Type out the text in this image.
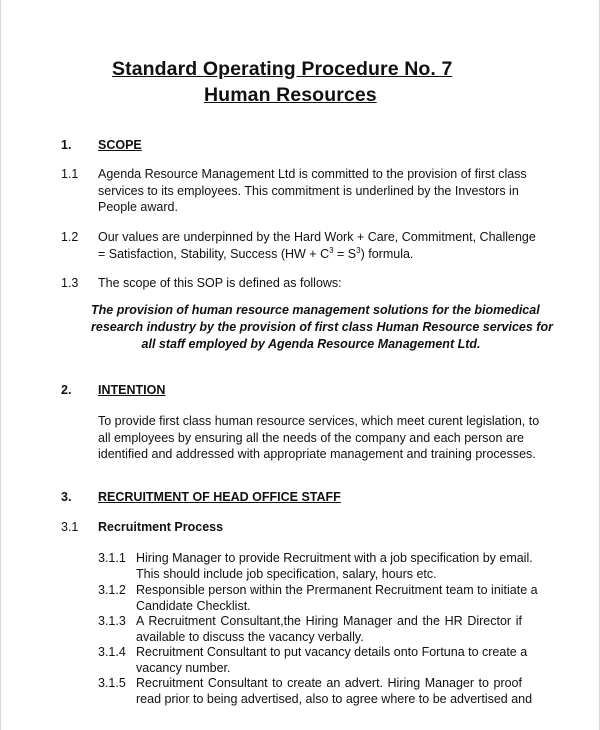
Standard Operating Procedure No. 7
Human Resources
1. SCOPE
1.1 Agenda Resource Management Ltd is committed to the provision of first class
services to its employees. This commitment is underlined by the Investors in
People award.
1.2 Our values are underpinned by the Hard Work + Care, Commitment, Challenge
= Satisfaction, Stability, Success $(HW + C^3 = S^3)$ formula.
1.3 The scope of this SOP is defined as follows:
The provision of human resource management solutions for the biomedical
research industry by the provision of first class Human Resource services for
all staff employed by Agenda Resource Management Ltd.
2. INTENTION
To provide first class human resource services, which meet curent legislation, to
all employees by ensuring all the needs of the company and each person are
identified and addressed with appropriate management and training processes.
3. RECRUITMENT OF HEAD OFFICE STAFF
3.1 Recruitment Process
3.1.1 Hiring Manager to provide Recruitment with a job specification by email.
This should include job specification, salary, hours etc.
3.1.2 Responsible person within the Prermanent Recruitment team to initiate a
Candidate Checklist.
3.1.3 A Recruitment Consultant,the Hiring Manager and the HR Director if
available to discuss the vacancy verbally.
3.1.4 Recruitment Consultant to put vacancy details onto Fortuna to create a
vacancy number.
3.1.5 Recruitment Consultant to create an advert. Hiring Manager to proof
read prior to being advertised, also to agree where to be advertised and
